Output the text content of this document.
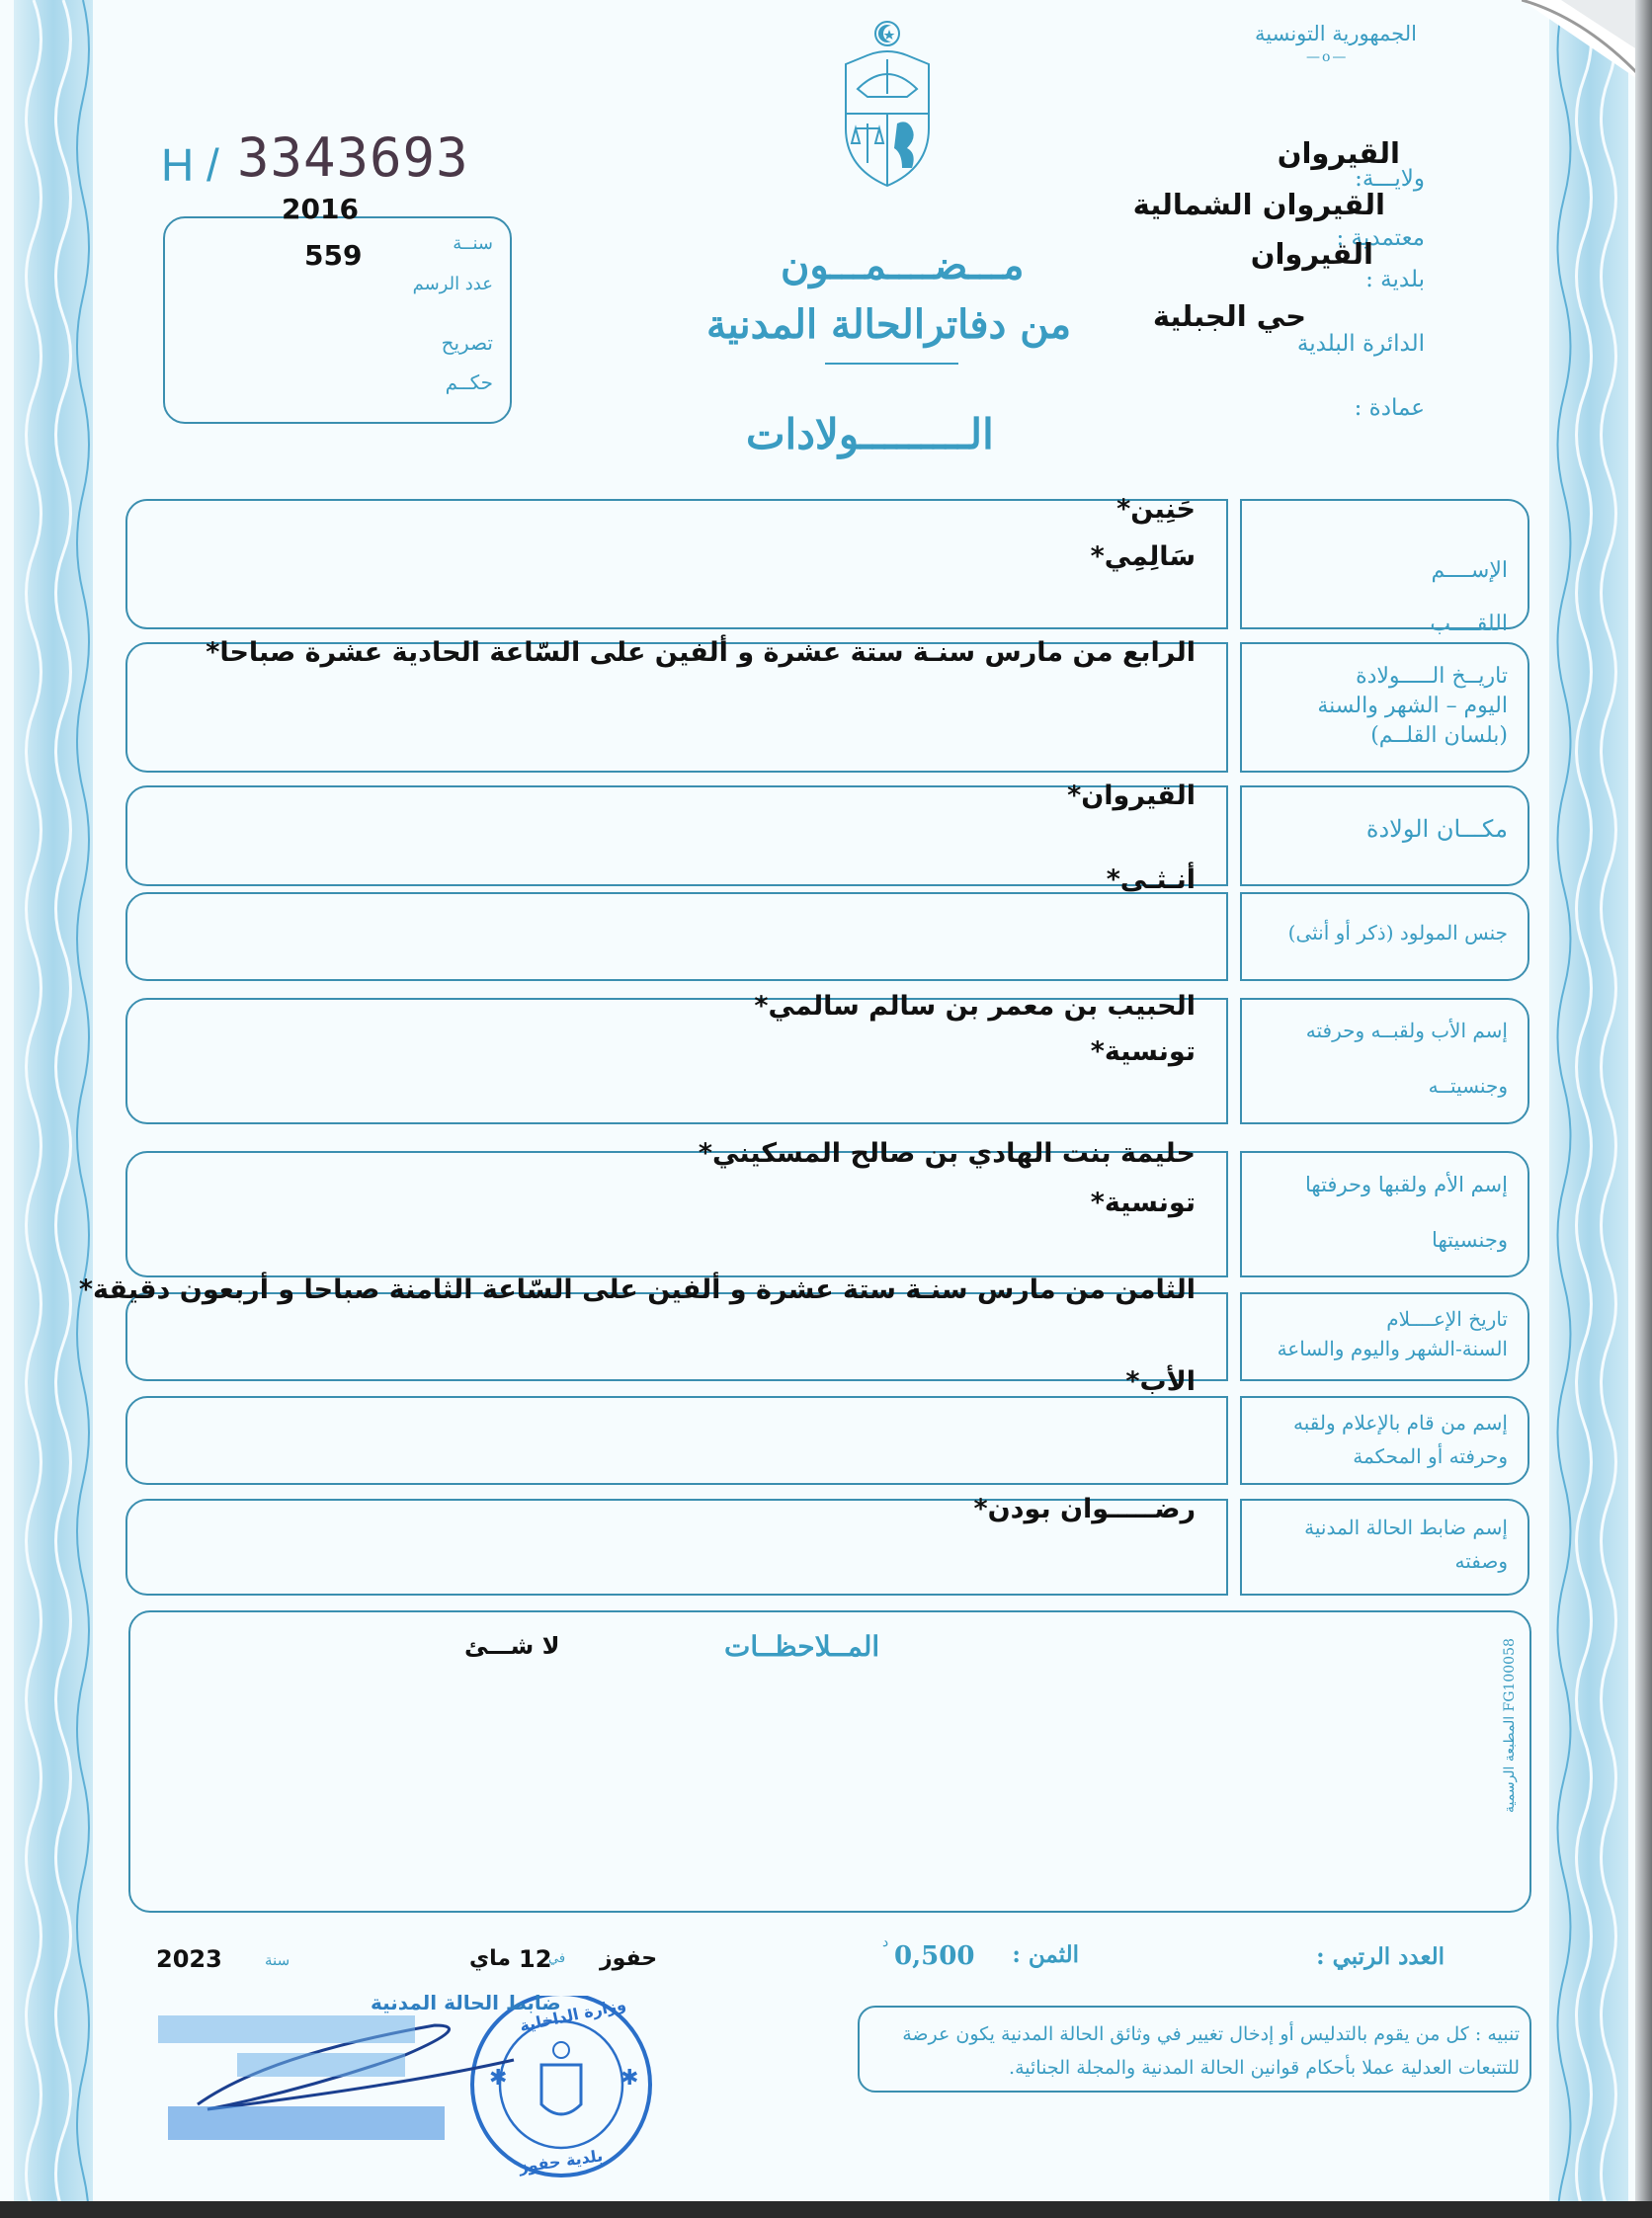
الجمهورية التونسية
—o—
H / 3343693
2016
559	سنــة
عدد الرسم
تصريح
حكــم
مـــضــــمـــون
من دفاترالحالة المدنية
الـــــــــولادات
ولايـــة:
القيروان
معتمدية :
القيروان الشمالية
بلدية :
القيروان
الدائرة البلدية
حي الجبلية
عمادة :
الإســــم
اللقــــب
حَنِين*
سَالِمِي*
تاريــخ الـــــولادة
اليوم – الشهر والسنة
(بلسان القلــم)
الرابع من مارس سنـة ستة عشرة و ألفين على السّاعة الحادية عشرة صباحا*
مكـــان الولادة
القيروان*
جنس المولود (ذكر أو أنثى)
أنـثـى*
إسم الأب ولقبــه وحرفته
وجنسيتــه
الحبيب بن معمر بن سالم سالمي*
تونسية*
إسم الأم ولقبها وحرفتها
وجنسيتها
حليمة بنت الهادي بن صالح المسكيني*
تونسية*
تاريخ الإعــــلام
السنة-الشهر واليوم والساعة
الثامن من مارس سنـة ستة عشرة و ألفين على السّاعة الثامنة صباحا و أربعون دقيقة*
إسم من قام بالإعلام ولقبه
وحرفته أو المحكمة
الأب*
إسم ضابط الحالة المدنية
وصفته
رضـــــوان بودن*
المــلاحظــات
لا شـــئ
المطبعة الرسمية FG100058
العدد الرتبي :
الثمن :
0,500
د
حفوز
في
12
ماي
سنة
2023
تنبيه : كل من يقوم بالتدليس أو إدخال تغيير في وثائق الحالة المدنية يكون عرضة للتتبعات العدلية عملا بأحكام قوانين الحالة المدنية والمجلة الجنائية.
✱	✱
ضابط الحالة المدنية
وزارة الداخلية
بلدية حفوز
